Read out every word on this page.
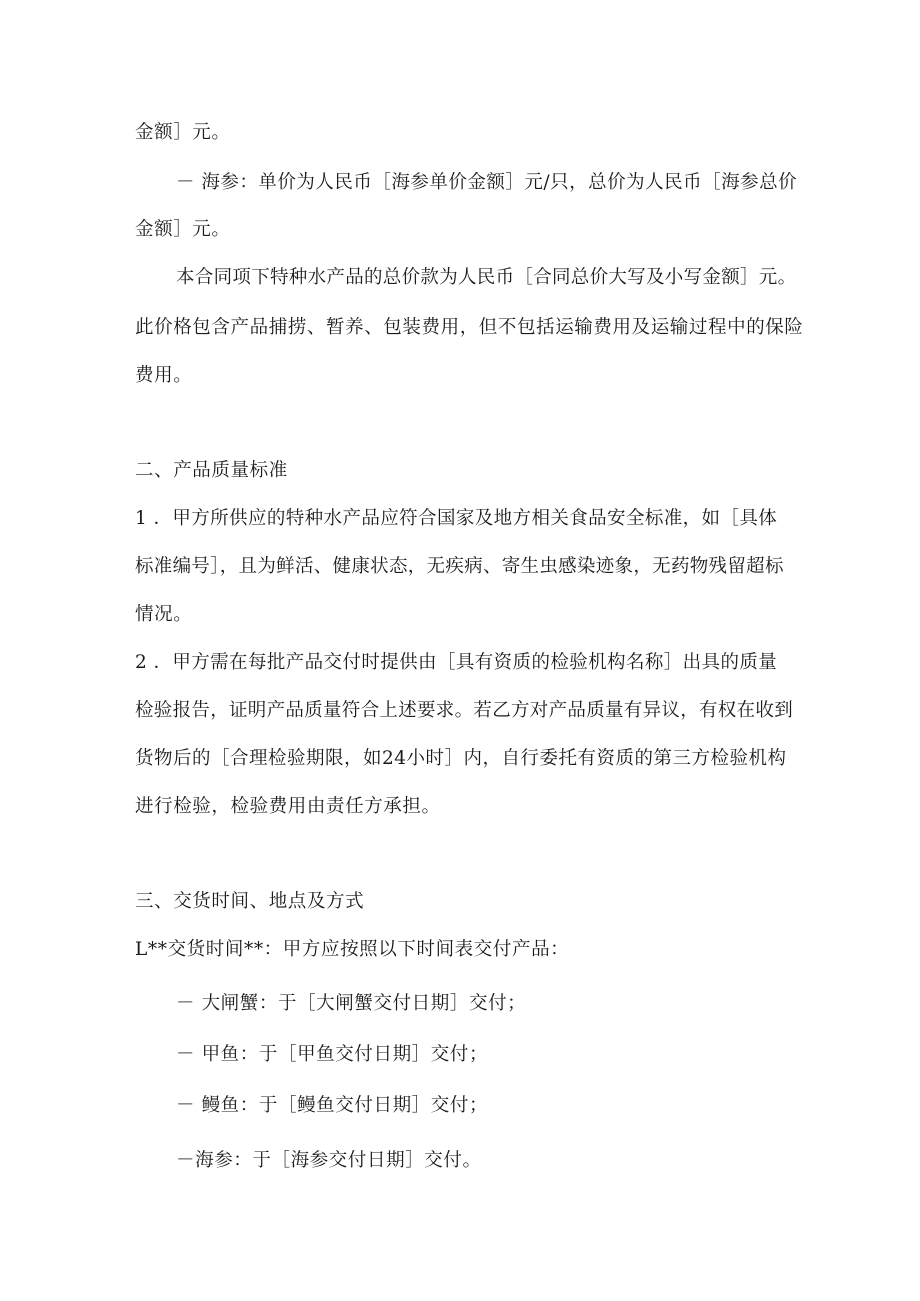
金额］元。
－ 海参：单价为人民币［海参单价金额］元/只，总价为人民币［海参总价
金额］元。
本合同项下特种水产品的总价款为人民币［合同总价大写及小写金额］元。
此价格包含产品捕捞、暂养、包装费用，但不包括运输费用及运输过程中的保险
费用。
二、产品质量标准
1 ．甲方所供应的特种水产品应符合国家及地方相关食品安全标准，如［具体
标准编号］，且为鲜活、健康状态，无疾病、寄生虫感染迹象，无药物残留超标
情况。
2 ．甲方需在每批产品交付时提供由［具有资质的检验机构名称］出具的质量
检验报告，证明产品质量符合上述要求。若乙方对产品质量有异议，有权在收到
货物后的［合理检验期限，如24小时］内，自行委托有资质的第三方检验机构
进行检验，检验费用由责任方承担。
三、交货时间、地点及方式
L**交货时间**：甲方应按照以下时间表交付产品：
－ 大闸蟹：于［大闸蟹交付日期］交付；
－ 甲鱼：于［甲鱼交付日期］交付；
－ 鳗鱼：于［鳗鱼交付日期］交付；
－海参：于［海参交付日期］交付。
